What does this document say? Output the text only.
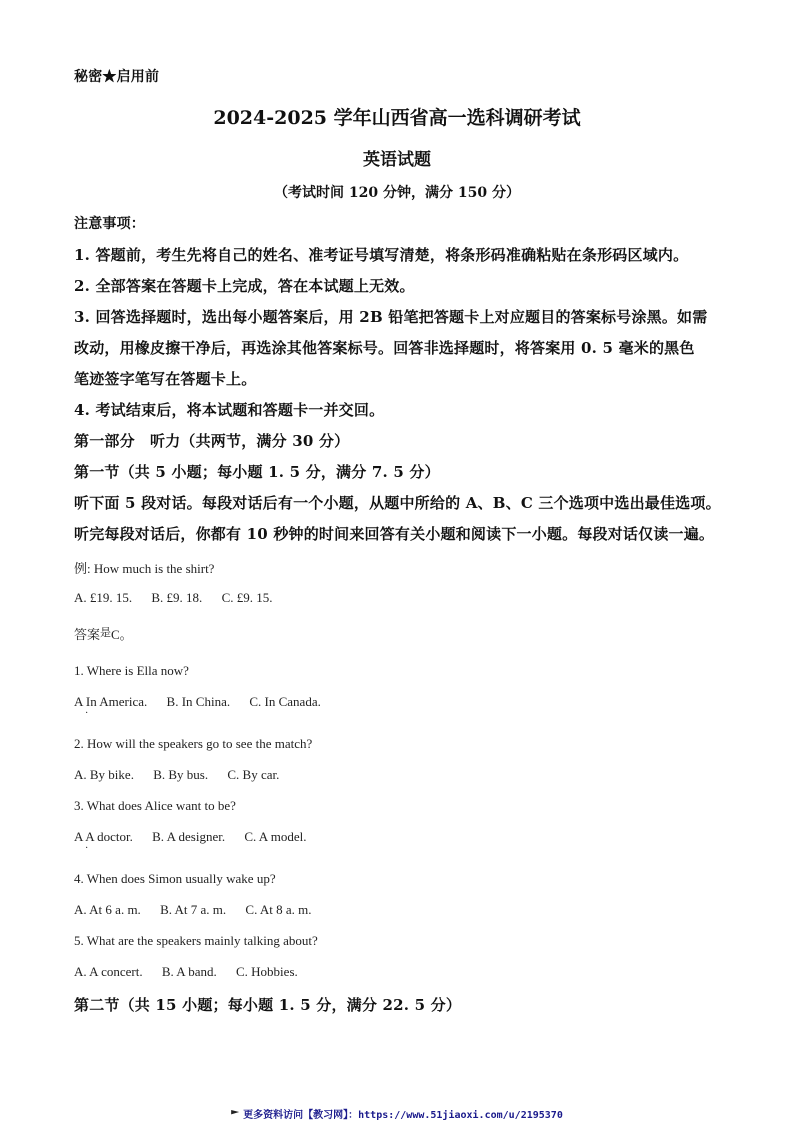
秘密★启用前
2024-2025 学年山西省高一选科调研考试
英语试题
（考试时间 120 分钟，满分 150 分）
注意事项：
1. 答题前，考生先将自己的姓名、准考证号填写清楚，将条形码准确粘贴在条形码区域内。
2. 全部答案在答题卡上完成，答在本试题上无效。
3. 回答选择题时，选出每小题答案后，用 2B 铅笔把答题卡上对应题目的答案标号涂黑。如需
改动，用橡皮擦干净后，再选涂其他答案标号。回答非选择题时，将答案用 0. 5 毫米的黑色
笔迹签字笔写在答题卡上。
4. 考试结束后，将本试题和答题卡一并交回。
第一部分　听力（共两节，满分 30 分）
第一节（共 5 小题；每小题 1. 5 分，满分 7. 5 分）
听下面 5 段对话。每段对话后有一个小题，从题中所给的 A、B、C 三个选项中选出最佳选项。
听完每段对话后，你都有 10 秒钟的时间来回答有关小题和阅读下一小题。每段对话仅读一遍。
例: How much is the shirt?
A. £19. 15. B. £9. 18. C. £9. 15.
答案$^是$C。
1. Where is Ella now?
A In America.
·
B. In China. C. In Canada.
2. How will the speakers go to see the match?
A. By bike. B. By bus. C. By car.
3. What does Alice want to be?
A A doctor.
·
B. A designer. C. A model.
4. When does Simon usually wake up?
A. At 6 a. m. B. At 7 a. m. C. At 8 a. m.
5. What are the speakers mainly talking about?
A. A concert. B. A band. C. Hobbies.
第二节（共 15 小题；每小题 1. 5 分，满分 22. 5 分）
更多资料访问【教习网】：https://www.51jiaoxi.com/u/2195370
